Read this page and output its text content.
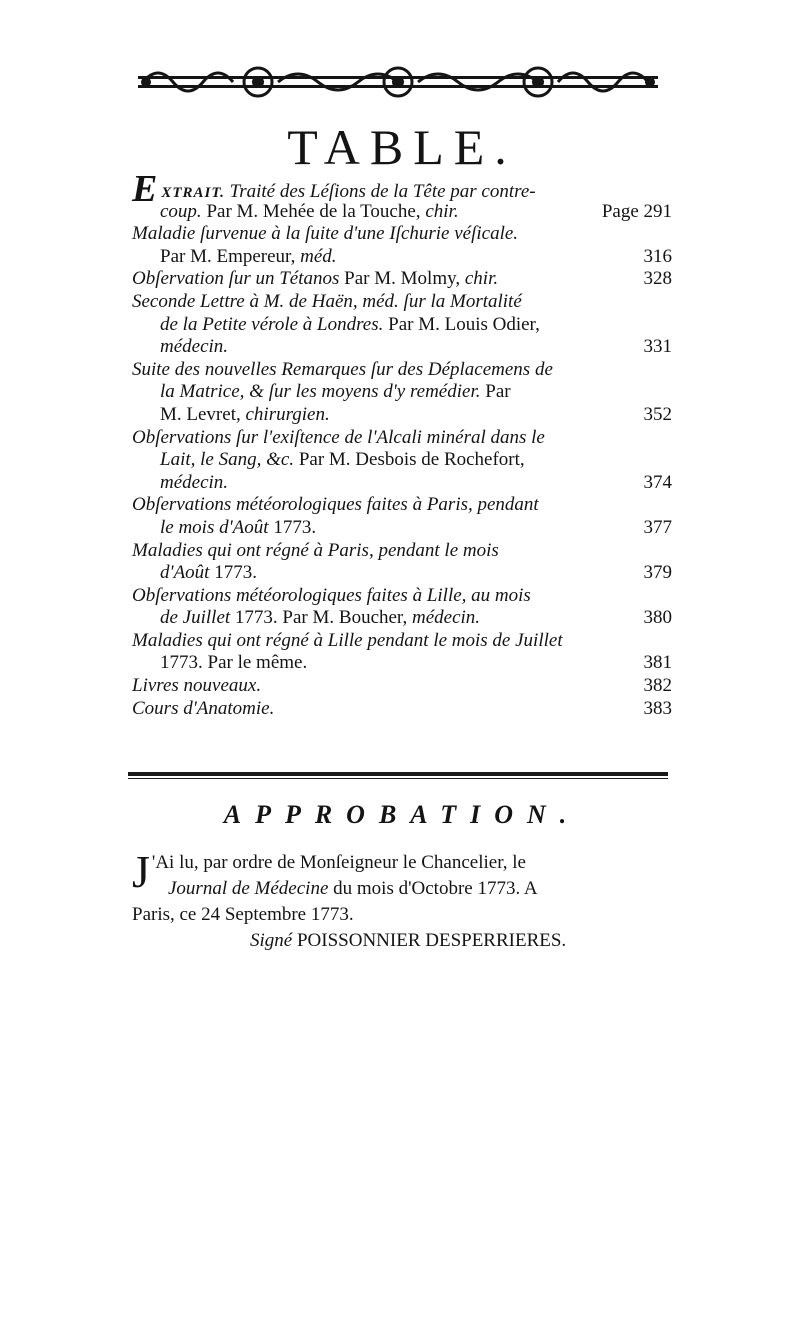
TABLE.
EXTRAIT. Traité des Léſions de la Tête par contre-
coup. Par M. Mehée de la Touche, chir.	Page 291
Maladie ſurvenue à la ſuite d'une Iſchurie véſicale.
Par M. Empereur, méd.	316
Obſervation ſur un Tétanos Par M. Molmy, chir.	328
Seconde Lettre à M. de Haën, méd. ſur la Mortalité
de la Petite vérole à Londres. Par M. Louis Odier,
médecin.	331
Suite des nouvelles Remarques ſur des Déplacemens de
la Matrice, & ſur les moyens d'y remédier. Par
M. Levret, chirurgien.	352
Obſervations ſur l'exiſtence de l'Alcali minéral dans le
Lait, le Sang, &c. Par M. Desbois de Rochefort,
médecin.	374
Obſervations météorologiques faites à Paris, pendant
le mois d'Août 1773.	377
Maladies qui ont régné à Paris, pendant le mois
d'Août 1773.	379
Obſervations météorologiques faites à Lille, au mois
de Juillet 1773. Par M. Boucher, médecin.	380
Maladies qui ont régné à Lille pendant le mois de Juillet
1773. Par le même.	381
Livres nouveaux.	382
Cours d'Anatomie.	383
APPROBATION.
J 'Ai lu, par ordre de Monſeigneur le Chancelier, le
Journal de Médecine du mois d'Octobre 1773. A
Paris, ce 24 Septembre 1773.
Signé POISSONNIER DESPERRIERES.
